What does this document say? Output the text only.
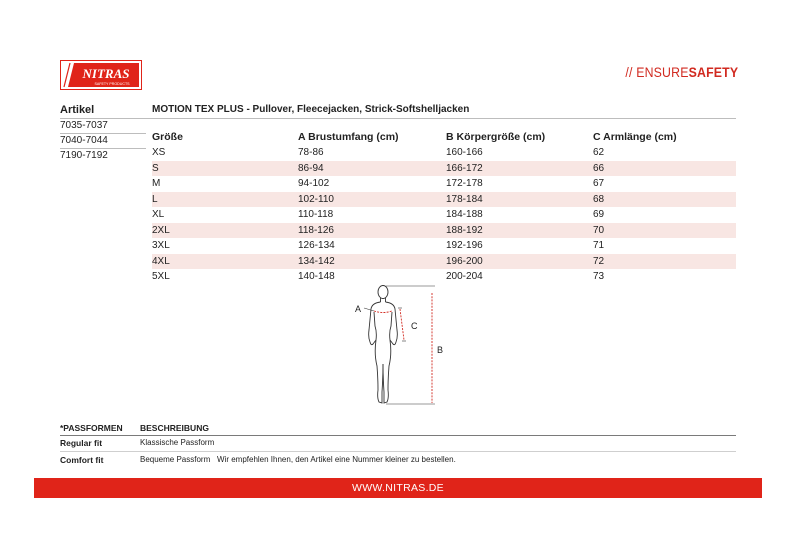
NITRAS
SAFETY PRODUCTS
// ENSURESAFETY
Artikel	MOTION TEX PLUS - Pullover, Fleecejacken, Strick-Softshelljacken
7035-7037
7040-7044
7190-7192
Größe	A Brustumfang (cm)	B Körpergröße (cm)	C Armlänge (cm)
XS	78-86	160-166	62
S	86-94	166-172	66
M	94-102	172-178	67
L	102-110	178-184	68
XL	110-118	184-188	69
2XL	118-126	188-192	70
3XL	126-134	192-196	71
4XL	134-142	196-200	72
5XL	140-148	200-204	73
A
C
B
*PASSFORMEN BESCHREIBUNG
Regular fit	Klassische Passform
Comfort fit	Bequeme Passform Wir empfehlen Ihnen, den Artikel eine Nummer kleiner zu bestellen.
WWW.NITRAS.DE
